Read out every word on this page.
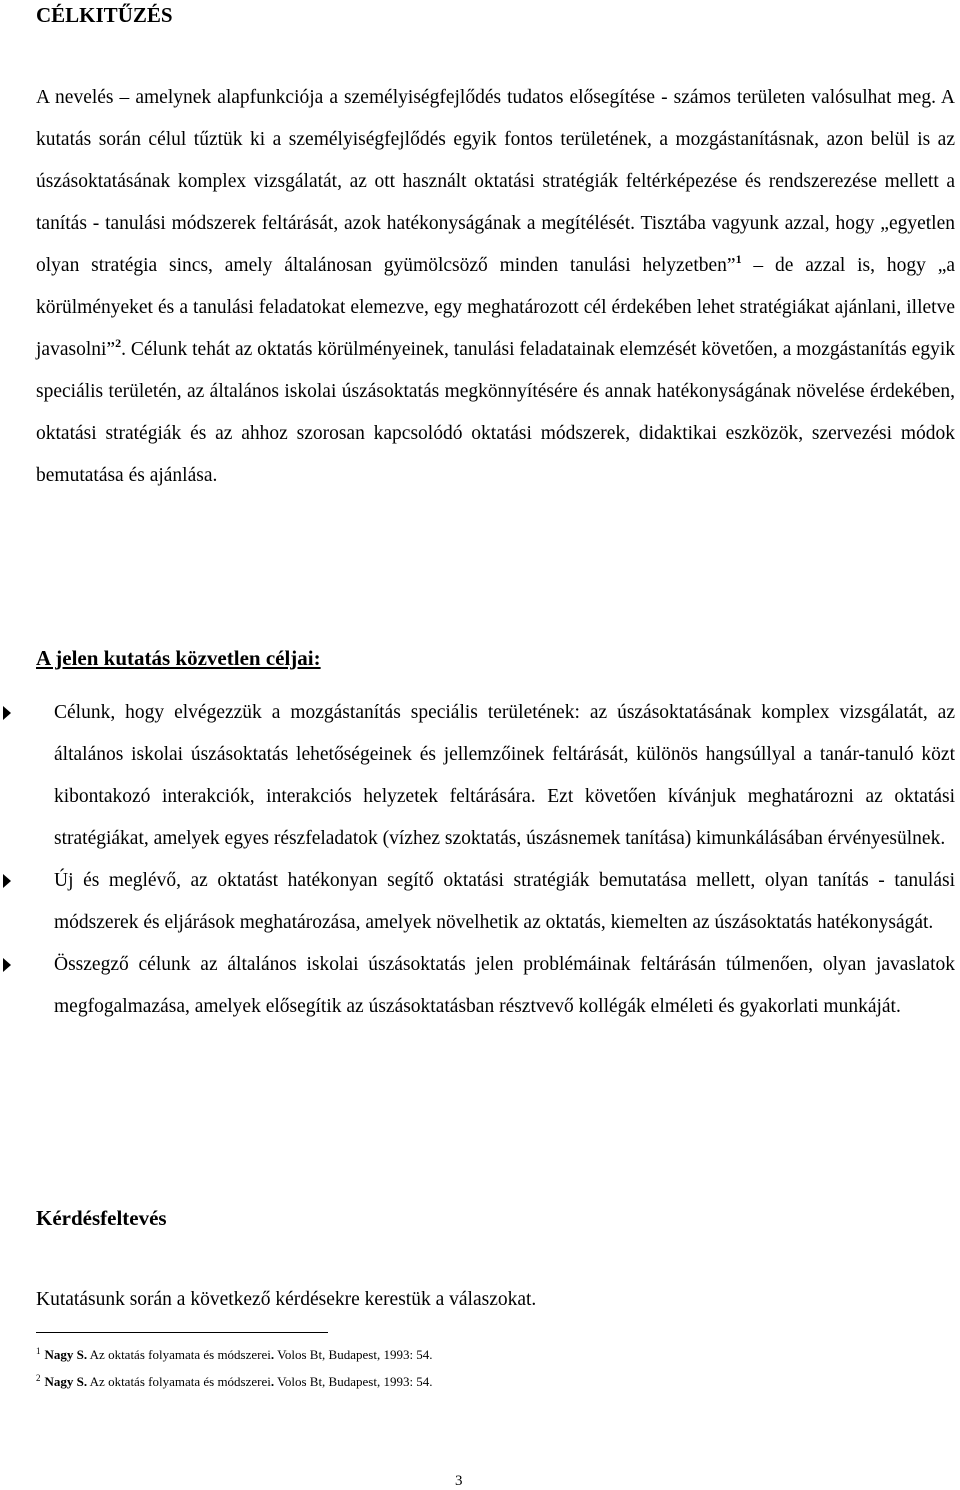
CÉLKITŰZÉS

A nevelés – amelynek alapfunkciója a személyiségfejlődés tudatos elősegítése - számos területen valósulhat meg. A kutatás során célul tűztük ki a személyiségfejlődés egyik fontos területének, a mozgástanításnak, azon belül is az úszásoktatásának komplex vizsgálatát, az ott használt oktatási stratégiák feltérképezése és rendszerezése mellett a tanítás - tanulási módszerek feltárását, azok hatékonyságának a megítélését. Tisztába vagyunk azzal, hogy „egyetlen olyan stratégia sincs, amely általánosan gyümölcsöző minden tanulási helyzetben”$^1$ – de azzal is, hogy „a körülményeket és a tanulási feladatokat elemezve, egy meghatározott cél érdekében lehet stratégiákat ajánlani, illetve javasolni”$^2$. Célunk tehát az oktatás körülményeinek, tanulási feladatainak elemzését követően, a mozgástanítás egyik speciális területén, az általános iskolai úszásoktatás megkönnyítésére és annak hatékonyságának növelése érdekében, oktatási stratégiák és az ahhoz szorosan kapcsolódó oktatási módszerek, didaktikai eszközök, szervezési módok bemutatása és ajánlása.

A jelen kutatás közvetlen céljai:

Célunk, hogy elvégezzük a mozgástanítás speciális területének: az úszásoktatásának komplex vizsgálatát, az általános iskolai úszásoktatás lehetőségeinek és jellemzőinek feltárását, különös hangsúllyal a tanár-tanuló közt kibontakozó interakciók, interakciós helyzetek feltárására. Ezt követően kívánjuk meghatározni az oktatási stratégiákat, amelyek egyes részfeladatok (vízhez szoktatás, úszásnemek tanítása) kimunkálásában érvényesülnek.

Új és meglévő, az oktatást hatékonyan segítő oktatási stratégiák bemutatása mellett, olyan tanítás - tanulási módszerek és eljárások meghatározása, amelyek növelhetik az oktatás, kiemelten az úszásoktatás hatékonyságát.

Összegző célunk az általános iskolai úszásoktatás jelen problémáinak feltárásán túlmenően, olyan javaslatok megfogalmazása, amelyek elősegítik az úszásoktatásban résztvevő kollégák elméleti és gyakorlati munkáját.

Kérdésfeltevés

Kutatásunk során a következő kérdésekre kerestük a válaszokat.

$^1$ Nagy S. Az oktatás folyamata és módszerei. Volos Bt, Budapest, 1993: 54.

$^2$ Nagy S. Az oktatás folyamata és módszerei. Volos Bt, Budapest, 1993: 54.

3
